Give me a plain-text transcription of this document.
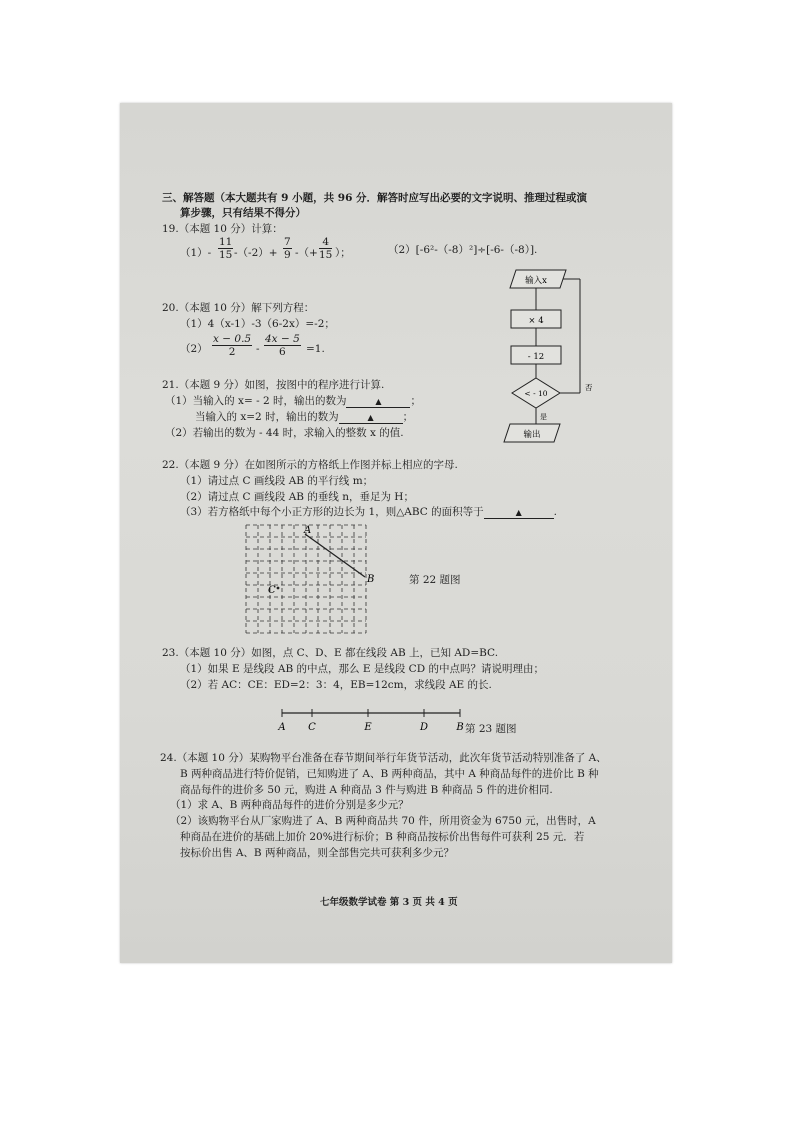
三、解答题（本大题共有 9 小题，共 96 分．解答时应写出必要的文字说明、推理过程或演
算步骤，只有结果不得分）
19.（本题 10 分）计算：
$(1)- \frac{11}{15} -(-2)+ \frac{7}{9}$ -（+ $\frac{4}{15}$ ）；	（2）[-6²-（-8）²]÷[-6-（-8）].
20.（本题 10 分）解下列方程：
（1）4（x-1）-3（6-2x）=-2；
$(2) \frac{x - 0.5}{2} - \frac{4x - 5}{6} =1$.
21.（本题 9 分）如图，按图中的程序进行计算.
（1）当输入的 x= - 2 时，输出的数为	▲	；
当输入的 x=2 时，输出的数为	▲	；
（2）若输出的数为 - 44 时，求输入的整数 x 的值.
输入x
× 4
- 12
< - 10
否
是
输出
22.（本题 9 分）在如图所示的方格纸上作图并标上相应的字母.
（1）请过点 C 画线段 AB 的平行线 m；
（2）请过点 C 画线段 AB 的垂线 n，垂足为 H；
（3）若方格纸中每个小正方形的边长为 1，则△ABC 的面积等于	▲	.
A
B
C
第 22 题图
23.（本题 10 分）如图，点 C、D、E 都在线段 AB 上，已知 AD=BC.
（1）如果 E 是线段 AB 的中点，那么 E 是线段 CD 的中点吗？请说明理由；
（2）若 AC：CE：ED=2：3：4，EB=12cm，求线段 AE 的长.
A C	E	D	B 第 23 题图
24.（本题 10 分）某购物平台准备在春节期间举行年货节活动，此次年货节活动特别准备了 A、
B 两种商品进行特价促销，已知购进了 A、B 两种商品，其中 A 种商品每件的进价比 B 种
商品每件的进价多 50 元，购进 A 种商品 3 件与购进 B 种商品 5 件的进价相同.
（1）求 A、B 两种商品每件的进价分别是多少元？
（2）该购物平台从厂家购进了 A、B 两种商品共 70 件，所用资金为 6750 元，出售时，A
种商品在进价的基础上加价 20%进行标价；B 种商品按标价出售每件可获利 25 元．若
按标价出售 A、B 两种商品，则全部售完共可获利多少元？
七年级数学试卷 第 3 页 共 4 页
